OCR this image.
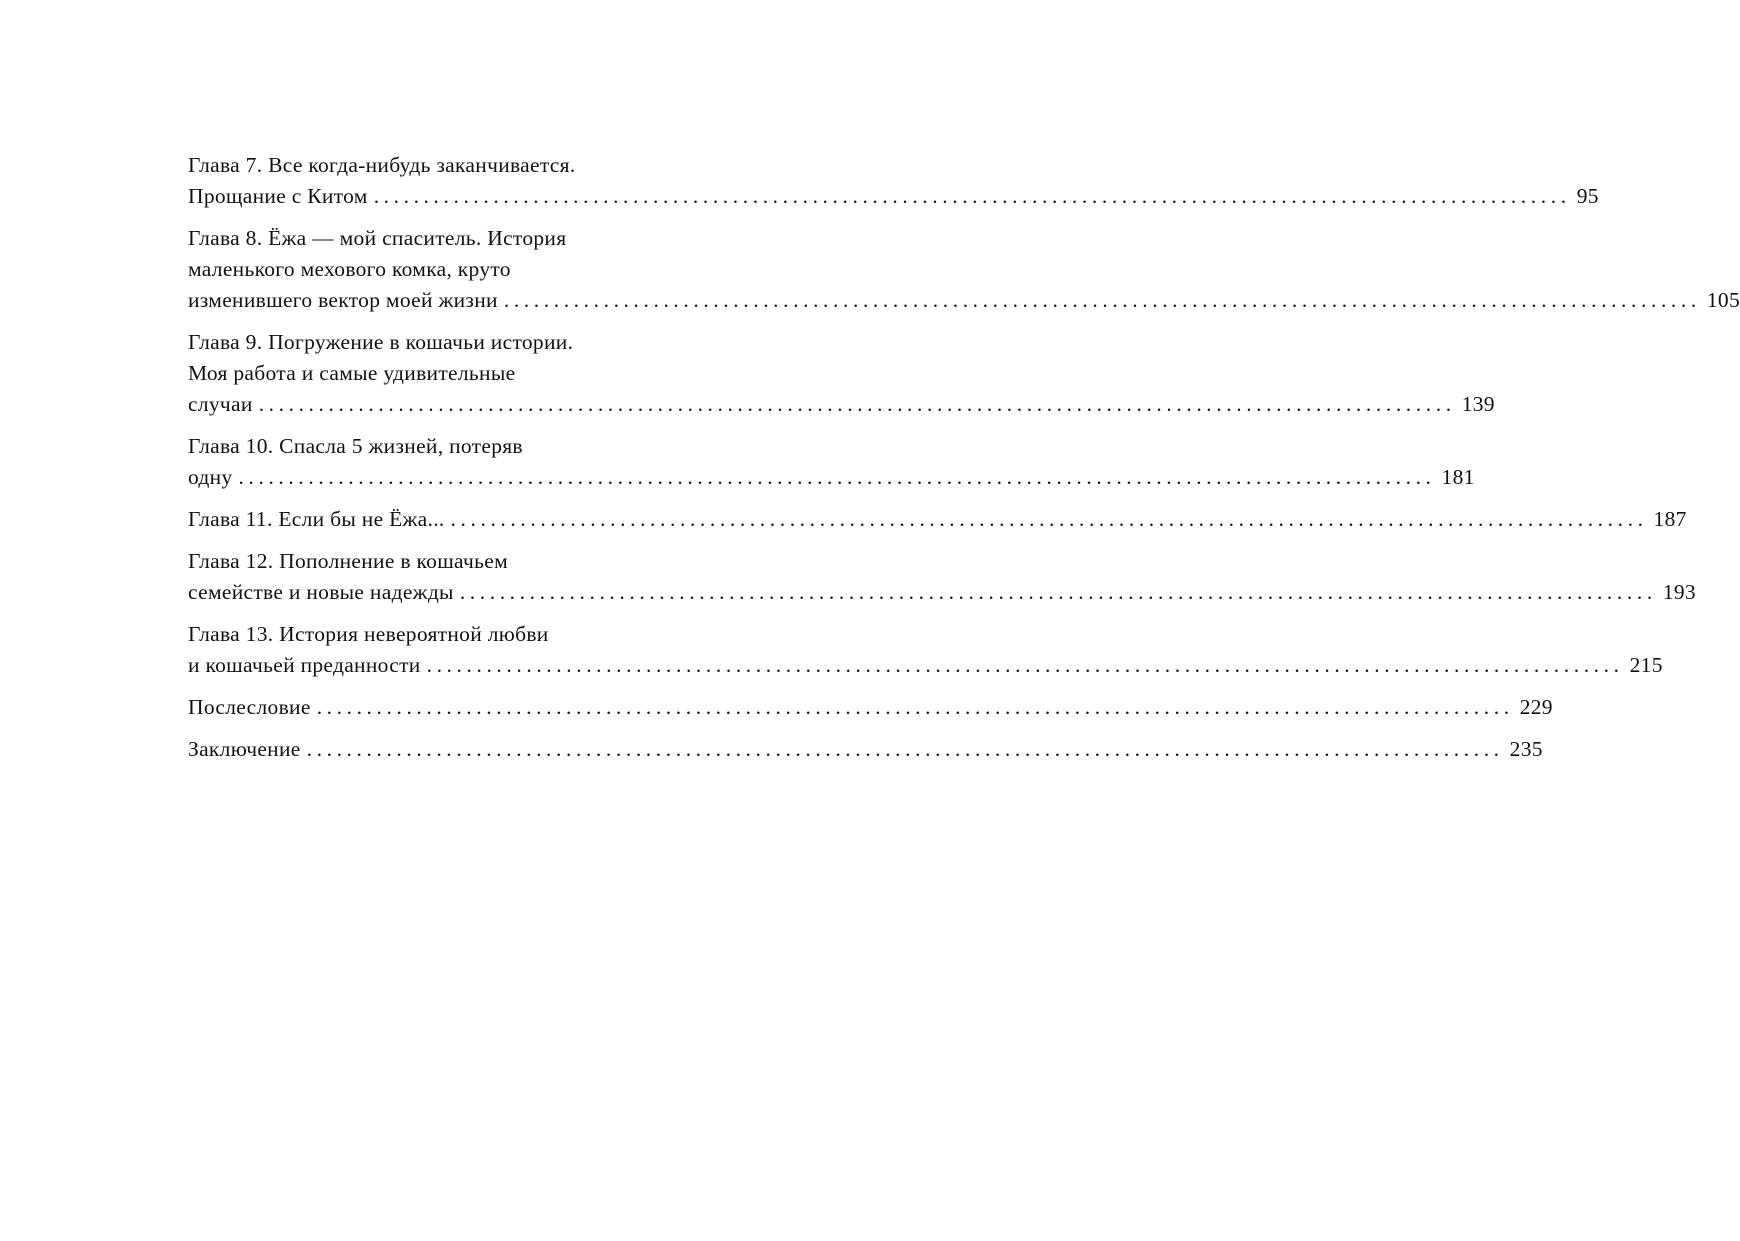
Глава 7. Все когда-нибудь заканчивается.
Прощание с Китом ........................................................................................................................ 95
Глава 8. Ёжа — мой спаситель. История
маленького мехового комка, круто
изменившего вектор моей жизни ........................................................................................................................ 105
Глава 9. Погружение в кошачьи истории.
Моя работа и самые удивительные
случаи ........................................................................................................................ 139
Глава 10. Спасла 5 жизней, потеряв
одну ........................................................................................................................ 181
Глава 11. Если бы не Ёжа... ........................................................................................................................ 187
Глава 12. Пополнение в кошачьем
семействе и новые надежды ........................................................................................................................ 193
Глава 13. История невероятной любви
и кошачьей преданности ........................................................................................................................ 215
Послесловие ........................................................................................................................ 229
Заключение ........................................................................................................................ 235
